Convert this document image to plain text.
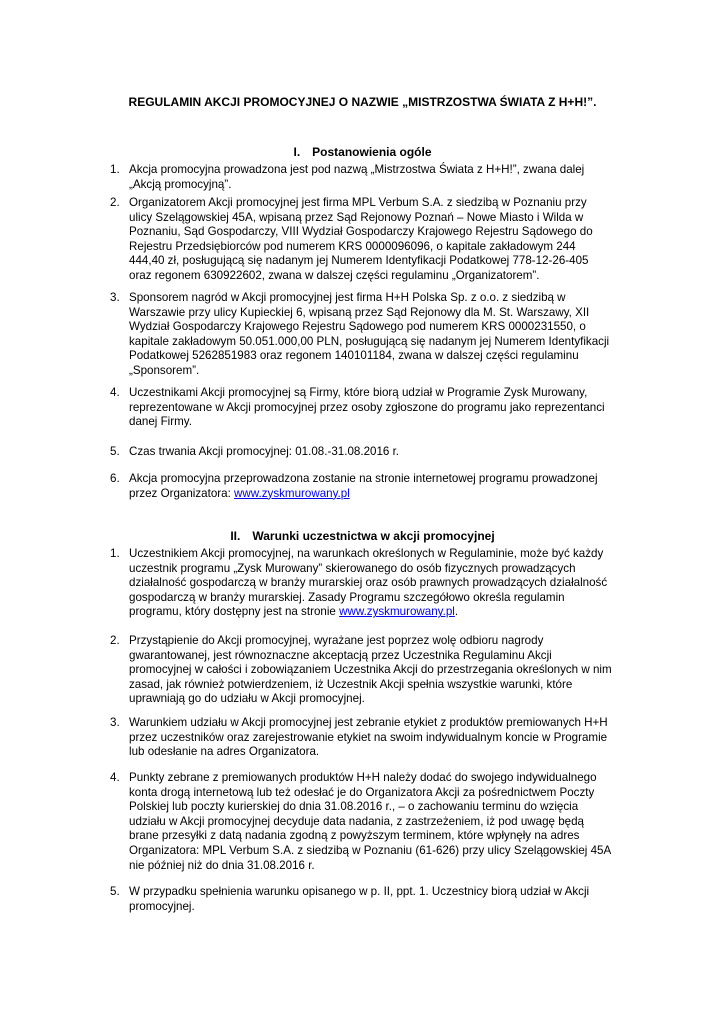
REGULAMIN AKCJI PROMOCYJNEJ O NAZWIE „MISTRZOSTWA ŚWIATA Z H+H!”.
I. Postanowienia ogóle
1. Akcja promocyjna prowadzona jest pod nazwą „Mistrzostwa Świata z H+H!”, zwana dalej
„Akcją promocyjną”.
2. Organizatorem Akcji promocyjnej jest firma MPL Verbum S.A. z siedzibą w Poznaniu przy
ulicy Szelągowskiej 45A, wpisaną przez Sąd Rejonowy Poznań – Nowe Miasto i Wilda w
Poznaniu, Sąd Gospodarczy, VIII Wydział Gospodarczy Krajowego Rejestru Sądowego do
Rejestru Przedsiębiorców pod numerem KRS 0000096096, o kapitale zakładowym 244
444,40 zł, posługującą się nadanym jej Numerem Identyfikacji Podatkowej 778-12-26-405
oraz regonem 630922602, zwana w dalszej części regulaminu „Organizatorem”.
3. Sponsorem nagród w Akcji promocyjnej jest firma H+H Polska Sp. z o.o. z siedzibą w
Warszawie przy ulicy Kupieckiej 6, wpisaną przez Sąd Rejonowy dla M. St. Warszawy, XII
Wydział Gospodarczy Krajowego Rejestru Sądowego pod numerem KRS 0000231550, o
kapitale zakładowym 50.051.000,00 PLN, posługującą się nadanym jej Numerem Identyfikacji
Podatkowej 5262851983 oraz regonem 140101184, zwana w dalszej części regulaminu
„Sponsorem”.
4. Uczestnikami Akcji promocyjnej są Firmy, które biorą udział w Programie Zysk Murowany,
reprezentowane w Akcji promocyjnej przez osoby zgłoszone do programu jako reprezentanci
danej Firmy.
5. Czas trwania Akcji promocyjnej: 01.08.-31.08.2016 r.
6. Akcja promocyjna przeprowadzona zostanie na stronie internetowej programu prowadzonej
przez Organizatora: www.zyskmurowany.pl
II. Warunki uczestnictwa w akcji promocyjnej
1. Uczestnikiem Akcji promocyjnej, na warunkach określonych w Regulaminie, może być każdy
uczestnik programu „Zysk Murowany” skierowanego do osób fizycznych prowadzących
działalność gospodarczą w branży murarskiej oraz osób prawnych prowadzących działalność
gospodarczą w branży murarskiej. Zasady Programu szczegółowo określa regulamin
programu, który dostępny jest na stronie www.zyskmurowany.pl.
2. Przystąpienie do Akcji promocyjnej, wyrażane jest poprzez wolę odbioru nagrody
gwarantowanej, jest równoznaczne akceptacją przez Uczestnika Regulaminu Akcji
promocyjnej w całości i zobowiązaniem Uczestnika Akcji do przestrzegania określonych w nim
zasad, jak również potwierdzeniem, iż Uczestnik Akcji spełnia wszystkie warunki, które
uprawniają go do udziału w Akcji promocyjnej.
3. Warunkiem udziału w Akcji promocyjnej jest zebranie etykiet z produktów premiowanych H+H
przez uczestników oraz zarejestrowanie etykiet na swoim indywidualnym koncie w Programie
lub odesłanie na adres Organizatora.
4. Punkty zebrane z premiowanych produktów H+H należy dodać do swojego indywidualnego
konta drogą internetową lub też odesłać je do Organizatora Akcji za pośrednictwem Poczty
Polskiej lub poczty kurierskiej do dnia 31.08.2016 r., – o zachowaniu terminu do wzięcia
udziału w Akcji promocyjnej decyduje data nadania, z zastrzeżeniem, iż pod uwagę będą
brane przesyłki z datą nadania zgodną z powyższym terminem, które wpłynęły na adres
Organizatora: MPL Verbum S.A. z siedzibą w Poznaniu (61-626) przy ulicy Szelągowskiej 45A
nie później niż do dnia 31.08.2016 r.
5. W przypadku spełnienia warunku opisanego w p. II, ppt. 1. Uczestnicy biorą udział w Akcji
promocyjnej.
